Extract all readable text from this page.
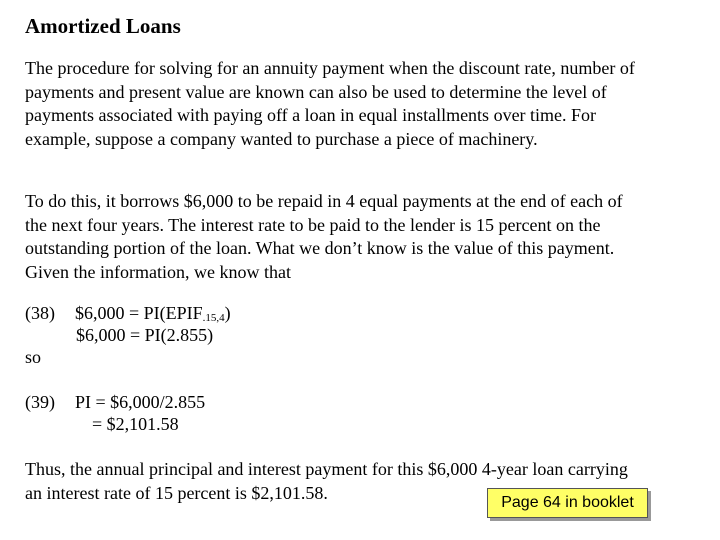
Amortized Loans

The procedure for solving for an annuity payment when the discount rate, number of payments and present value are known can also be used to determine the level of payments associated with paying off a loan in equal installments over time. For example, suppose a company wanted to purchase a piece of machinery.

To do this, it borrows $6,000 to be repaid in 4 equal payments at the end of each of the next four years. The interest rate to be paid to the lender is 15 percent on the outstanding portion of the loan. What we don’t know is the value of this payment. Given the information, we know that

(38) $6,000 = PI(EPIF.15,4)
$6,000 = PI(2.855)
so
(39) PI = $6,000/2.855
= $2,101.58

Thus, the annual principal and interest payment for this $6,000 4-year loan carrying an interest rate of 15 percent is $2,101.58.	Page 64 in booklet
